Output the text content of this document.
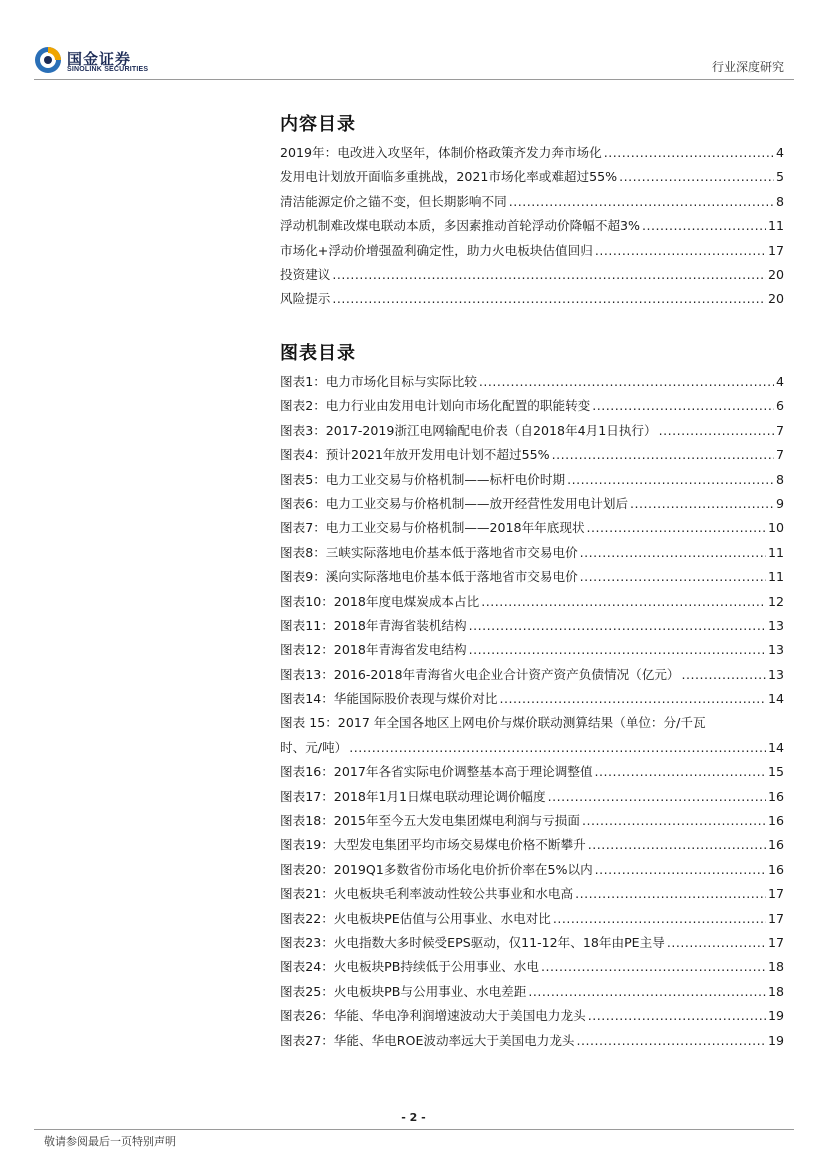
国金证券
SINOLINK SECURITIES	行业深度研究
内容目录
2019年：电改进入攻坚年，体制价格政策齐发力奔市场化 .....	4
发用电计划放开面临多重挑战，2021市场化率或难超过55% .....	5
清洁能源定价之锚不变，但长期影响不同 .....	8
浮动机制难改煤电联动本质，多因素推动首轮浮动价降幅不超3% .....	11
市场化+浮动价增强盈利确定性，助力火电板块估值回归 .....	17
投资建议 .....	20
风险提示 .....	20
图表目录
图表1：电力市场化目标与实际比较 .....	4
图表2：电力行业由发用电计划向市场化配置的职能转变 .....	6
图表3：2017-2019浙江电网输配电价表（自2018年4月1日执行） .....	7
图表4：预计2021年放开发用电计划不超过55% .....	7
图表5：电力工业交易与价格机制——标杆电价时期 .....	8
图表6：电力工业交易与价格机制——放开经营性发用电计划后 .....	9
图表7：电力工业交易与价格机制——2018年年底现状 .....	10
图表8：三峡实际落地电价基本低于落地省市交易电价 .....	11
图表9：溪向实际落地电价基本低于落地省市交易电价 .....	11
图表10：2018年度电煤炭成本占比 .....	12
图表11：2018年青海省装机结构 .....	13
图表12：2018年青海省发电结构 .....	13
图表13：2016-2018年青海省火电企业合计资产资产负债情况（亿元） .....	13
图表14：华能国际股价表现与煤价对比 .....	14
图表 15：2017 年全国各地区上网电价与煤价联动测算结果（单位：分/千瓦
时、元/吨） .....	14
图表16：2017年各省实际电价调整基本高于理论调整值 .....	15
图表17：2018年1月1日煤电联动理论调价幅度 .....	16
图表18：2015年至今五大发电集团煤电利润与亏损面 .....	16
图表19：大型发电集团平均市场交易煤电价格不断攀升 .....	16
图表20：2019Q1多数省份市场化电价折价率在5%以内 .....	16
图表21：火电板块毛利率波动性较公共事业和水电高 .....	17
图表22：火电板块PE估值与公用事业、水电对比 .....	17
图表23：火电指数大多时候受EPS驱动，仅11-12年、18年由PE主导 .....	17
图表24：火电板块PB持续低于公用事业、水电 .....	18
图表25：火电板块PB与公用事业、水电差距 .....	18
图表26：华能、华电净利润增速波动大于美国电力龙头 .....	19
图表27：华能、华电ROE波动率远大于美国电力龙头 .....	19
- 2 -
敬请参阅最后一页特别声明
